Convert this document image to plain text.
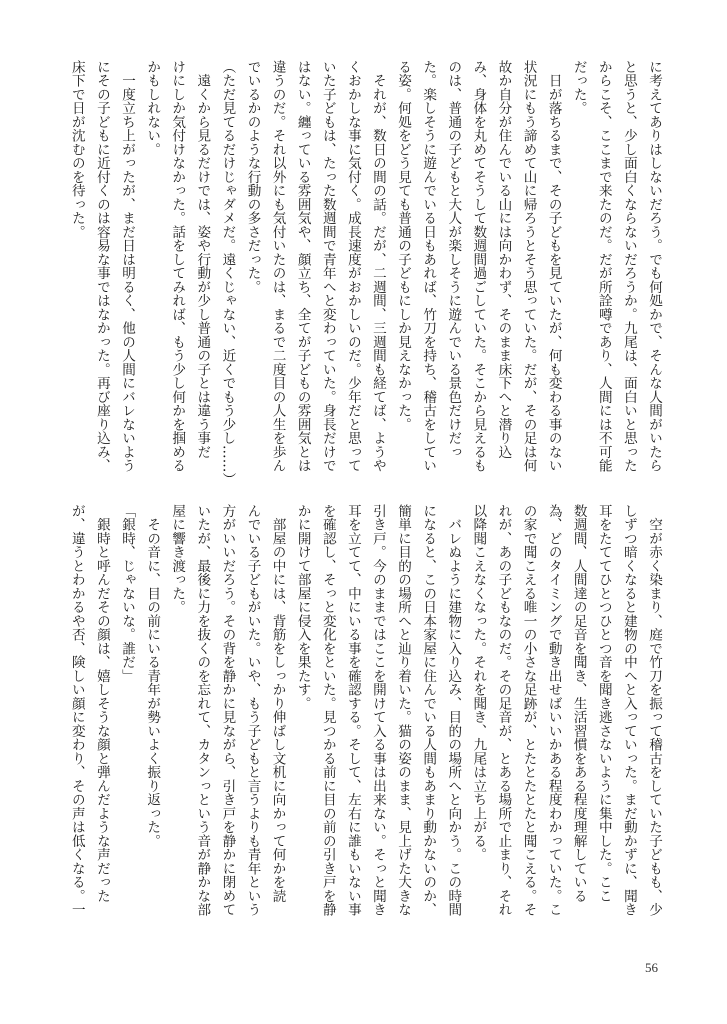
に考えてありはしないだろう。でも何処かで、そんな人間がいたら
と思うと、少し面白くならないだろうか。九尾は、面白いと思った
からこそ、ここまで来たのだ。だが所詮噂であり、人間には不可能
だった。
　日が落ちるまで、その子どもを見ていたが、何も変わる事のない
状況にもう諦めて山に帰ろうとそう思っていた。だが、その足は何
故か自分が住んでいる山には向かわず、そのまま床下へと潜り込
み、身体を丸めてそうして数週間過ごしていた。そこから見えるも
のは、普通の子どもと大人が楽しそうに遊んでいる景色だけだっ
た。楽しそうに遊んでいる日もあれば、竹刀を持ち、稽古をしてい
る姿。何処をどう見ても普通の子どもにしか見えなかった。
　それが、数日の間の話。だが、二週間、三週間も経てば、ようや
くおかしな事に気付く。成長速度がおかしいのだ。少年だと思って
いた子どもは、たった数週間で青年へと変わっていた。身長だけで
はない。纏っている雰囲気や、顔立ち、全てが子どもの雰囲気とは
違うのだ。それ以外にも気付いたのは、まるで二度目の人生を歩ん
でいるかのような行動の多さだった。
（ただ見てるだけじゃダメだ。遠くじゃない、近くでもう少し……）
　遠くから見るだけでは、姿や行動が少し普通の子とは違う事だ
けにしか気付けなかった。話をしてみれば、もう少し何かを掴める
かもしれない。
　一度立ち上がったが、まだ日は明るく、他の人間にバレないよう
にその子どもに近付くのは容易な事ではなかった。再び座り込み、
床下で日が沈むのを待った。
　空が赤く染まり、庭で竹刀を振って稽古をしていた子どもも、少
しずつ暗くなると建物の中へと入っていった。まだ動かずに、聞き
耳をたててひとつひとつ音を聞き逃さないように集中した。ここ
数週間、人間達の足音を聞き、生活習慣をある程度理解している
為、どのタイミングで動き出せばいいかある程度わかっていた。こ
の家で聞こえる唯一の小さな足跡が、とたとたとたと聞こえる。そ
れが、あの子どもなのだ。その足音が、とある場所で止まり、それ
以降聞こえなくなった。それを聞き、九尾は立ち上がる。
　バレぬように建物に入り込み、目的の場所へと向かう。この時間
になると、この日本家屋に住んでいる人間もあまり動かないのか、
簡単に目的の場所へと辿り着いた。猫の姿のまま、見上げた大きな
引き戸。今のままではここを開けて入る事は出来ない。そっと聞き
耳を立てて、中にいる事を確認する。そして、左右に誰もいない事
を確認し、そっと変化をといた。見つかる前に目の前の引き戸を静
かに開けて部屋に侵入を果たす。
　部屋の中には、背筋をしっかり伸ばし文机に向かって何かを読
んでいる子どもがいた。いや、もう子どもと言うよりも青年という
方がいいだろう。その背を静かに見ながら、引き戸を静かに閉めて
いたが、最後に力を抜くのを忘れて、カタンっという音が静かな部
屋に響き渡った。
　その音に、目の前にいる青年が勢いよく振り返った。
「銀時、じゃないな。誰だ」
　銀時と呼んだその顔は、嬉しそうな顔と弾んだような声だった
が、違うとわかるや否、険しい顔に変わり、その声は低くなる。一
56
